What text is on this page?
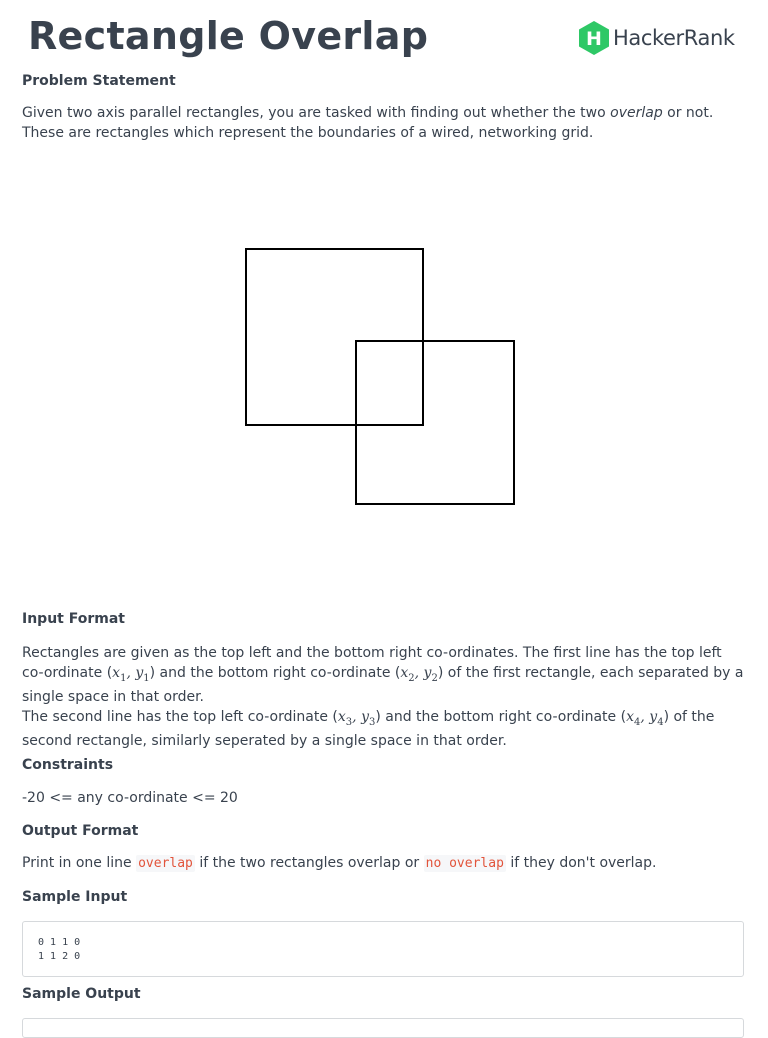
Rectangle Overlap	H HackerRank
Problem Statement

Given two axis parallel rectangles, you are tasked with finding out whether the two overlap or not. These are rectangles which represent the boundaries of a wired, networking grid.

Input Format

Rectangles are given as the top left and the bottom right co-ordinates. The first line has the top left co-ordinate ($x_1$, $y_1$) and the bottom right co-ordinate ($x_2$, $y_2$) of the first rectangle, each separated by a single space in that order.
The second line has the top left co-ordinate ($x_3$, $y_3$) and the bottom right co-ordinate ($x_4$, $y_4$) of the second rectangle, similarly seperated by a single space in that order.

Constraints

-20 <= any co-ordinate <= 20

Output Format

Print in one line overlap if the two rectangles overlap or no overlap if they don't overlap.

Sample Input
0 1 1 0
1 1 2 0
Sample Output
